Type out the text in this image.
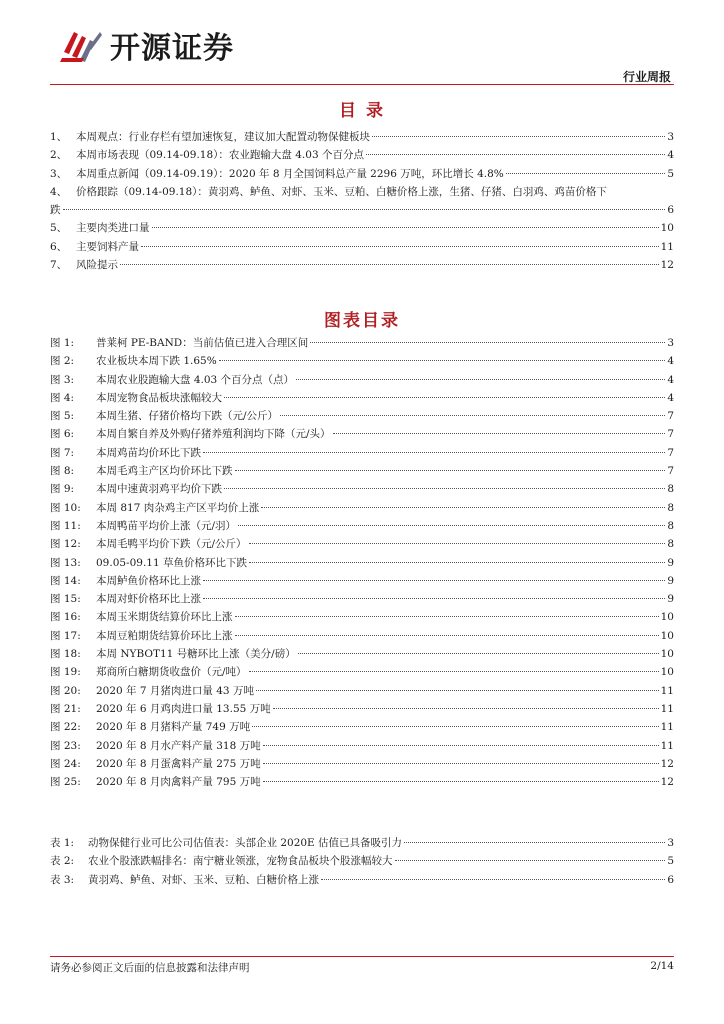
开源证券
行业周报
目 录
1、 本周观点：行业存栏有望加速恢复，建议加大配置动物保健板块	3
2、 本周市场表现（09.14-09.18）：农业跑输大盘 4.03 个百分点	4
3、 本周重点新闻（09.14-09.19）：2020 年 8 月全国饲料总产量 2296 万吨，环比增长 4.8%	5
4、 价格跟踪（09.14-09.18）：黄羽鸡、鲈鱼、对虾、玉米、豆粕、白糖价格上涨，生猪、仔猪、白羽鸡、鸡苗价格下
跌	6
5、 主要肉类进口量	10
6、 主要饲料产量	11
7、 风险提示	12
图表目录
图 1:	普莱柯 PE-BAND：当前估值已进入合理区间	3
图 2:	农业板块本周下跌 1.65%	4
图 3:	本周农业股跑输大盘 4.03 个百分点（点）	4
图 4:	本周宠物食品板块涨幅较大	4
图 5:	本周生猪、仔猪价格均下跌（元/公斤）	7
图 6:	本周自繁自养及外购仔猪养殖利润均下降（元/头）	7
图 7:	本周鸡苗均价环比下跌	7
图 8:	本周毛鸡主产区均价环比下跌	7
图 9:	本周中速黄羽鸡平均价下跌	8
图 10:	本周 817 肉杂鸡主产区平均价上涨	8
图 11:	本周鸭苗平均价上涨（元/羽）	8
图 12:	本周毛鸭平均价下跌（元/公斤）	8
图 13:	09.05-09.11 草鱼价格环比下跌	9
图 14:	本周鲈鱼价格环比上涨	9
图 15:	本周对虾价格环比上涨	9
图 16:	本周玉米期货结算价环比上涨	10
图 17:	本周豆粕期货结算价环比上涨	10
图 18:	本周 NYBOT11 号糖环比上涨（美分/磅）	10
图 19:	郑商所白糖期货收盘价（元/吨）	10
图 20:	2020 年 7 月猪肉进口量 43 万吨	11
图 21:	2020 年 6 月鸡肉进口量 13.55 万吨	11
图 22:	2020 年 8 月猪料产量 749 万吨	11
图 23:	2020 年 8 月水产料产量 318 万吨	11
图 24:	2020 年 8 月蛋禽料产量 275 万吨	12
图 25:	2020 年 8 月肉禽料产量 795 万吨	12
表 1:	动物保健行业可比公司估值表：头部企业 2020E 估值已具备吸引力	3
表 2:	农业个股涨跌幅排名：南宁糖业领涨，宠物食品板块个股涨幅较大	5
表 3:	黄羽鸡、鲈鱼、对虾、玉米、豆粕、白糖价格上涨	6
请务必参阅正文后面的信息披露和法律声明	2/14
